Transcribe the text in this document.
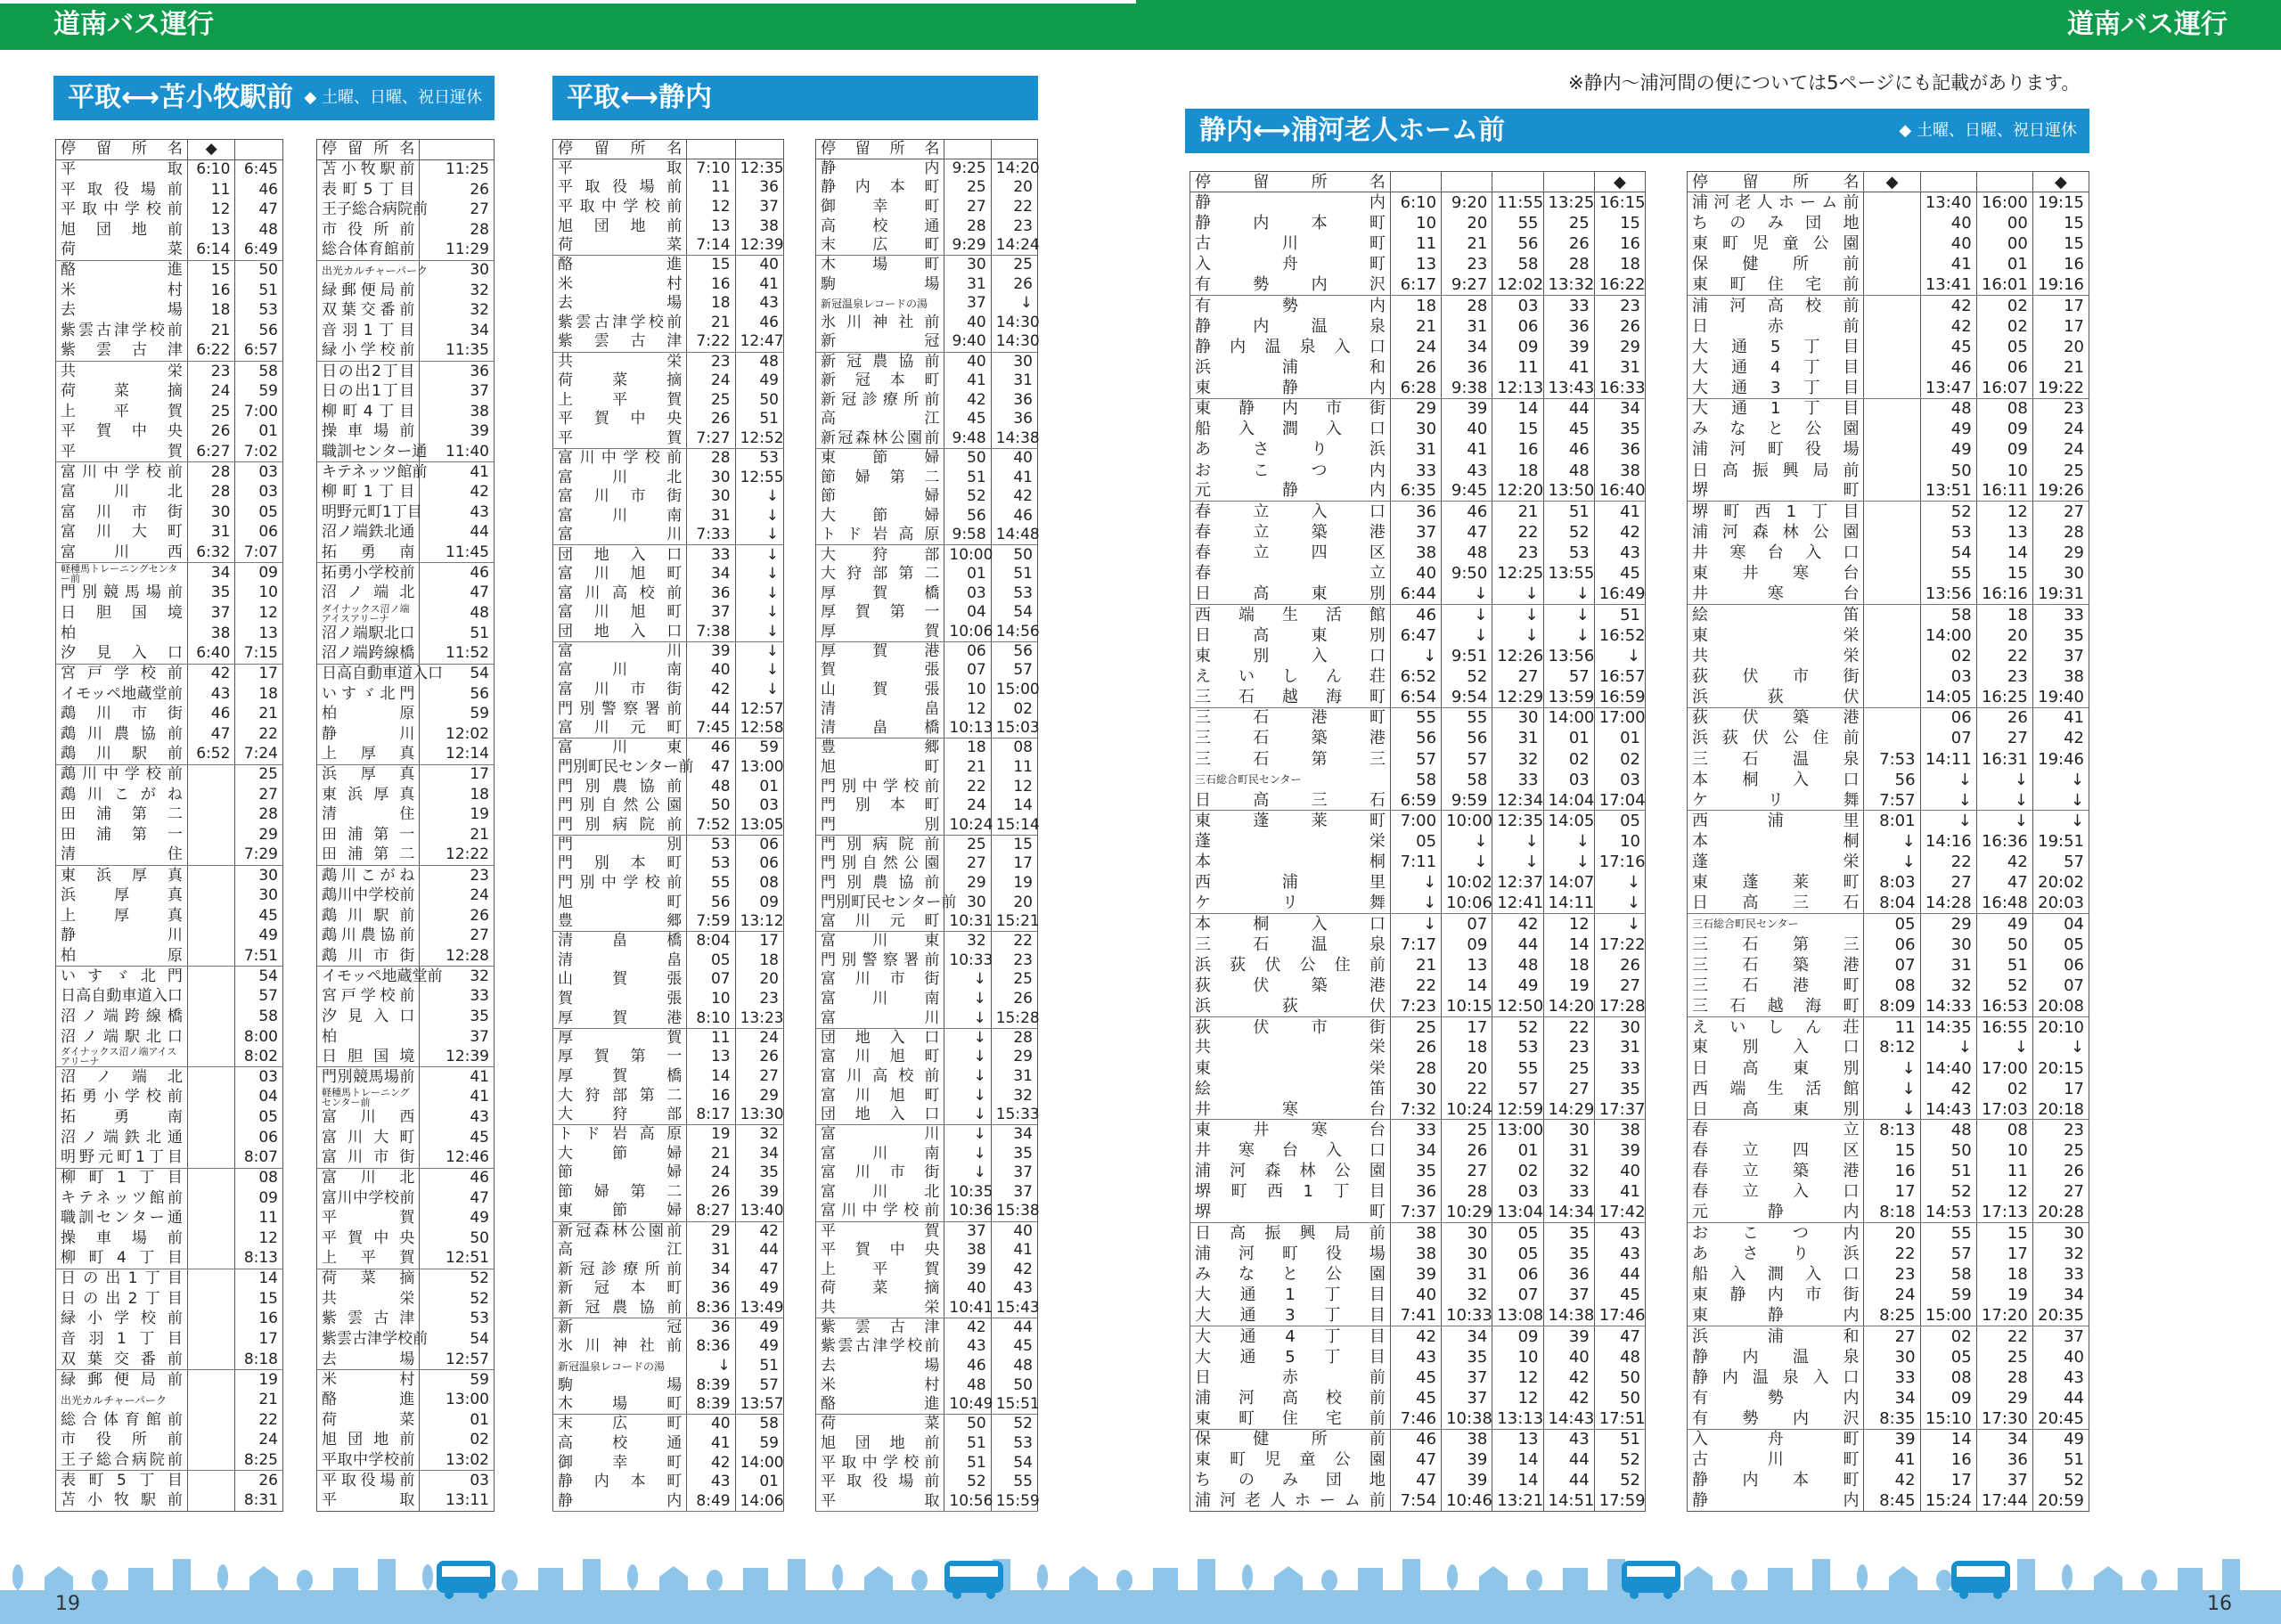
道南バス運行	道南バス運行
平取⟷苫小牧駅前 ◆ 土曜、日曜、祝日運休	平取⟷静内	※静内～浦河間の便については5ページにも記載があります。
静内⟷浦河老人ホーム前	◆ 土曜、日曜、祝日運休
停留所名	◆	
平取	6:10	6:45
平取役場前	11	46
平取中学校前	12	47
旭団地前	13	48
荷菜	6:14	6:49
酪進	15	50
米村	16	51
去場	18	53
紫雲古津学校前	21	56
紫雲古津	6:22	6:57
共栄	23	58
荷菜摘	24	59
上平賀	25	7:00
平賀中央	26	01
平賀	6:27	7:02
富川中学校前	28	03
富川北	28	03
富川市街	30	05
富川大町	31	06
富川西	6:32	7:07
軽種馬トレーニングセンター前	34	09
門別競馬場前	35	10
日胆国境	37	12
柏	38	13
汐見入口	6:40	7:15
宮戸学校前	42	17
イモッペ地蔵堂前	43	18
鵡川市街	46	21
鵡川農協前	47	22
鵡川駅前	6:52	7:24
鵡川中学校前		25
鵡川こがね		27
田浦第二		28
田浦第一		29
清住		7:29
東浜厚真		30
浜厚真		30
上厚真		45
静川		49
柏原		7:51
いすゞ北門		54
日高自動車道入口		57
沼ノ端跨線橋		58
沼ノ端駅北口		8:00
ダイナックス沼ノ端アイスアリーナ		8:02
沼ノ端北		03
拓勇小学校前		04
拓勇南		05
沼ノ端鉄北通		06
明野元町1丁目		8:07
柳町1丁目		08
キテネッツ館前		09
職訓センター通		11
操車場前		12
柳町4丁目		8:13
日の出1丁目		14
日の出2丁目		15
緑小学校前		16
音羽1丁目		17
双葉交番前		8:18
緑郵便局前		19
出光カルチャーパーク		21
総合体育館前		22
市役所前		24
王子総合病院前		8:25
表町5丁目		26
苫小牧駅前		8:31
停留所名	
苫小牧駅前	11:25
表町5丁目	26
王子総合病院前	27
市役所前	28
総合体育館前	11:29
出光カルチャーパーク	30
緑郵便局前	32
双葉交番前	32
音羽1丁目	34
緑小学校前	11:35
日の出2丁目	36
日の出1丁目	37
柳町4丁目	38
操車場前	39
職訓センター通	11:40
キテネッツ館前	41
柳町1丁目	42
明野元町1丁目	43
沼ノ端鉄北通	44
拓勇南	11:45
拓勇小学校前	46
沼ノ端北	47
ダイナックス沼ノ端アイスアリーナ	48
沼ノ端駅北口	51
沼ノ端跨線橋	11:52
日高自動車道入口	54
いすゞ北門	56
柏原	59
静川	12:02
上厚真	12:14
浜厚真	17
東浜厚真	18
清住	19
田浦第一	21
田浦第二	12:22
鵡川こがね	23
鵡川中学校前	24
鵡川駅前	26
鵡川農協前	27
鵡川市街	12:28
イモッペ地蔵堂前	32
宮戸学校前	33
汐見入口	35
柏	37
日胆国境	12:39
門別競馬場前	41
軽種馬トレーニングセンター前	41
富川西	43
富川大町	45
富川市街	12:46
富川北	46
富川中学校前	47
平賀	49
平賀中央	50
上平賀	12:51
荷菜摘	52
共栄	52
紫雲古津	53
紫雲古津学校前	54
去場	12:57
米村	59
酪進	13:00
荷菜	01
旭団地前	02
平取中学校前	13:02
平取役場前	03
平取	13:11
停留所名		
平取	7:10	12:35
平取役場前	11	36
平取中学校前	12	37
旭団地前	13	38
荷菜	7:14	12:39
酪進	15	40
米村	16	41
去場	18	43
紫雲古津学校前	21	46
紫雲古津	7:22	12:47
共栄	23	48
荷菜摘	24	49
上平賀	25	50
平賀中央	26	51
平賀	7:27	12:52
富川中学校前	28	53
富川北	30	12:55
富川市街	30	↓
富川南	31	↓
富川	7:33	↓
団地入口	33	↓
富川旭町	34	↓
富川高校前	36	↓
富川旭町	37	↓
団地入口	7:38	↓
富川	39	↓
富川南	40	↓
富川市街	42	↓
門別警察署前	44	12:57
富川元町	7:45	12:58
富川東	46	59
門別町民センター前	47	13:00
門別農協前	48	01
門別自然公園	50	03
門別病院前	7:52	13:05
門別	53	06
門別本町	53	06
門別中学校前	55	08
旭町	56	09
豊郷	7:59	13:12
清畠橋	8:04	17
清畠	05	18
山賀張	07	20
賀張	10	23
厚賀港	8:10	13:23
厚賀	11	24
厚賀第一	13	26
厚賀橋	14	27
大狩部第二	16	29
大狩部	8:17	13:30
トド岩高原	19	32
大節婦	21	34
節婦	24	35
節婦第二	26	39
東節婦	8:27	13:40
新冠森林公園前	29	42
高江	31	44
新冠診療所前	34	47
新冠本町	36	49
新冠農協前	8:36	13:49
新冠	36	49
氷川神社前	8:36	49
新冠温泉レコードの湯	↓	51
駒場	8:39	57
木場町	8:39	13:57
末広町	40	58
高校通	41	59
御幸町	42	14:00
静内本町	43	01
静内	8:49	14:06
停留所名		
静内	9:25	14:20
静内本町	25	20
御幸町	27	22
高校通	28	23
末広町	9:29	14:24
木場町	30	25
駒場	31	26
新冠温泉レコードの湯	37	↓
氷川神社前	40	14:30
新冠	9:40	14:30
新冠農協前	40	30
新冠本町	41	31
新冠診療所前	42	36
高江	45	36
新冠森林公園前	9:48	14:38
東節婦	50	40
節婦第二	51	41
節婦	52	42
大節婦	56	46
トド岩高原	9:58	14:48
大狩部	10:00	50
大狩部第二	01	51
厚賀橋	03	53
厚賀第一	04	54
厚賀	10:06	14:56
厚賀港	06	56
賀張	07	57
山賀張	10	15:00
清畠	12	02
清畠橋	10:13	15:03
豊郷	18	08
旭町	21	11
門別中学校前	22	12
門別本町	24	14
門別	10:24	15:14
門別病院前	25	15
門別自然公園	27	17
門別農協前	29	19
門別町民センター前	30	20
富川元町	10:31	15:21
富川東	32	22
門別警察署前	10:33	23
富川市街	↓	25
富川南	↓	26
富川	↓	15:28
団地入口	↓	28
富川旭町	↓	29
富川高校前	↓	31
富川旭町	↓	32
団地入口	↓	15:33
富川	↓	34
富川南	↓	35
富川市街	↓	37
富川北	10:35	37
富川中学校前	10:36	15:38
平賀	37	40
平賀中央	38	41
上平賀	39	42
荷菜摘	40	43
共栄	10:41	15:43
紫雲古津	42	44
紫雲古津学校前	43	45
去場	46	48
米村	48	50
酪進	10:49	15:51
荷菜	50	52
旭団地前	51	53
平取中学校前	51	54
平取役場前	52	55
平取	10:56	15:59
停留所名					◆
静内	6:10	9:20	11:55	13:25	16:15
静内本町	10	20	55	25	15
古川町	11	21	56	26	16
入舟町	13	23	58	28	18
有勢内沢	6:17	9:27	12:02	13:32	16:22
有勢内	18	28	03	33	23
静内温泉	21	31	06	36	26
静内温泉入口	24	34	09	39	29
浜浦和	26	36	11	41	31
東静内	6:28	9:38	12:13	13:43	16:33
東静内市街	29	39	14	44	34
船入澗入口	30	40	15	45	35
あさり浜	31	41	16	46	36
おこつ内	33	43	18	48	38
元静内	6:35	9:45	12:20	13:50	16:40
春立入口	36	46	21	51	41
春立築港	37	47	22	52	42
春立四区	38	48	23	53	43
春立	40	9:50	12:25	13:55	45
日高東別	6:44	↓	↓	↓	16:49
西端生活館	46	↓	↓	↓	51
日高東別	6:47	↓	↓	↓	16:52
東別入口	↓	9:51	12:26	13:56	↓
えいしん荘	6:52	52	27	57	16:57
三石越海町	6:54	9:54	12:29	13:59	16:59
三石港町	55	55	30	14:00	17:00
三石築港	56	56	31	01	01
三石第三	57	57	32	02	02
三石総合町民センター	58	58	33	03	03
日高三石	6:59	9:59	12:34	14:04	17:04
東蓬莱町	7:00	10:00	12:35	14:05	05
蓬栄	05	↓	↓	↓	10
本桐	7:11	↓	↓	↓	17:16
西浦里	↓	10:02	12:37	14:07	↓
ケリ舞	↓	10:06	12:41	14:11	↓
本桐入口	↓	07	42	12	↓
三石温泉	7:17	09	44	14	17:22
浜荻伏公住前	21	13	48	18	26
荻伏築港	22	14	49	19	27
浜荻伏	7:23	10:15	12:50	14:20	17:28
荻伏市街	25	17	52	22	30
共栄	26	18	53	23	31
東栄	28	20	55	25	33
絵笛	30	22	57	27	35
井寒台	7:32	10:24	12:59	14:29	17:37
東井寒台	33	25	13:00	30	38
井寒台入口	34	26	01	31	39
浦河森林公園	35	27	02	32	40
堺町西1丁目	36	28	03	33	41
堺町	7:37	10:29	13:04	14:34	17:42
日高振興局前	38	30	05	35	43
浦河町役場	38	30	05	35	43
みなと公園	39	31	06	36	44
大通1丁目	40	32	07	37	45
大通3丁目	7:41	10:33	13:08	14:38	17:46
大通4丁目	42	34	09	39	47
大通5丁目	43	35	10	40	48
日赤前	45	37	12	42	50
浦河高校前	45	37	12	42	50
東町住宅前	7:46	10:38	13:13	14:43	17:51
保健所前	46	38	13	43	51
東町児童公園	47	39	14	44	52
ちのみ団地	47	39	14	44	52
浦河老人ホーム前	7:54	10:46	13:21	14:51	17:59
停留所名	◆			◆
浦河老人ホーム前		13:40	16:00	19:15
ちのみ団地		40	00	15
東町児童公園		40	00	15
保健所前		41	01	16
東町住宅前		13:41	16:01	19:16
浦河高校前		42	02	17
日赤前		42	02	17
大通5丁目		45	05	20
大通4丁目		46	06	21
大通3丁目		13:47	16:07	19:22
大通1丁目		48	08	23
みなと公園		49	09	24
浦河町役場		49	09	24
日高振興局前		50	10	25
堺町		13:51	16:11	19:26
堺町西1丁目		52	12	27
浦河森林公園		53	13	28
井寒台入口		54	14	29
東井寒台		55	15	30
井寒台		13:56	16:16	19:31
絵笛		58	18	33
東栄		14:00	20	35
共栄		02	22	37
荻伏市街		03	23	38
浜荻伏		14:05	16:25	19:40
荻伏築港		06	26	41
浜荻伏公住前		07	27	42
三石温泉	7:53	14:11	16:31	19:46
本桐入口	56	↓	↓	↓
ケリ舞	7:57	↓	↓	↓
西浦里	8:01	↓	↓	↓
本桐	↓	14:16	16:36	19:51
蓬栄	↓	22	42	57
東蓬莱町	8:03	27	47	20:02
日高三石	8:04	14:28	16:48	20:03
三石総合町民センター	05	29	49	04
三石第三	06	30	50	05
三石築港	07	31	51	06
三石港町	08	32	52	07
三石越海町	8:09	14:33	16:53	20:08
えいしん荘	11	14:35	16:55	20:10
東別入口	8:12	↓	↓	↓
日高東別	↓	14:40	17:00	20:15
西端生活館	↓	42	02	17
日高東別	↓	14:43	17:03	20:18
春立	8:13	48	08	23
春立四区	15	50	10	25
春立築港	16	51	11	26
春立入口	17	52	12	27
元静内	8:18	14:53	17:13	20:28
おこつ内	20	55	15	30
あさり浜	22	57	17	32
船入澗入口	23	58	18	33
東静内市街	24	59	19	34
東静内	8:25	15:00	17:20	20:35
浜浦和	27	02	22	37
静内温泉	30	05	25	40
静内温泉入口	33	08	28	43
有勢内	34	09	29	44
有勢内沢	8:35	15:10	17:30	20:45
入舟町	39	14	34	49
古川町	41	16	36	51
静内本町	42	17	37	52
静内	8:45	15:24	17:44	20:59
19	16
